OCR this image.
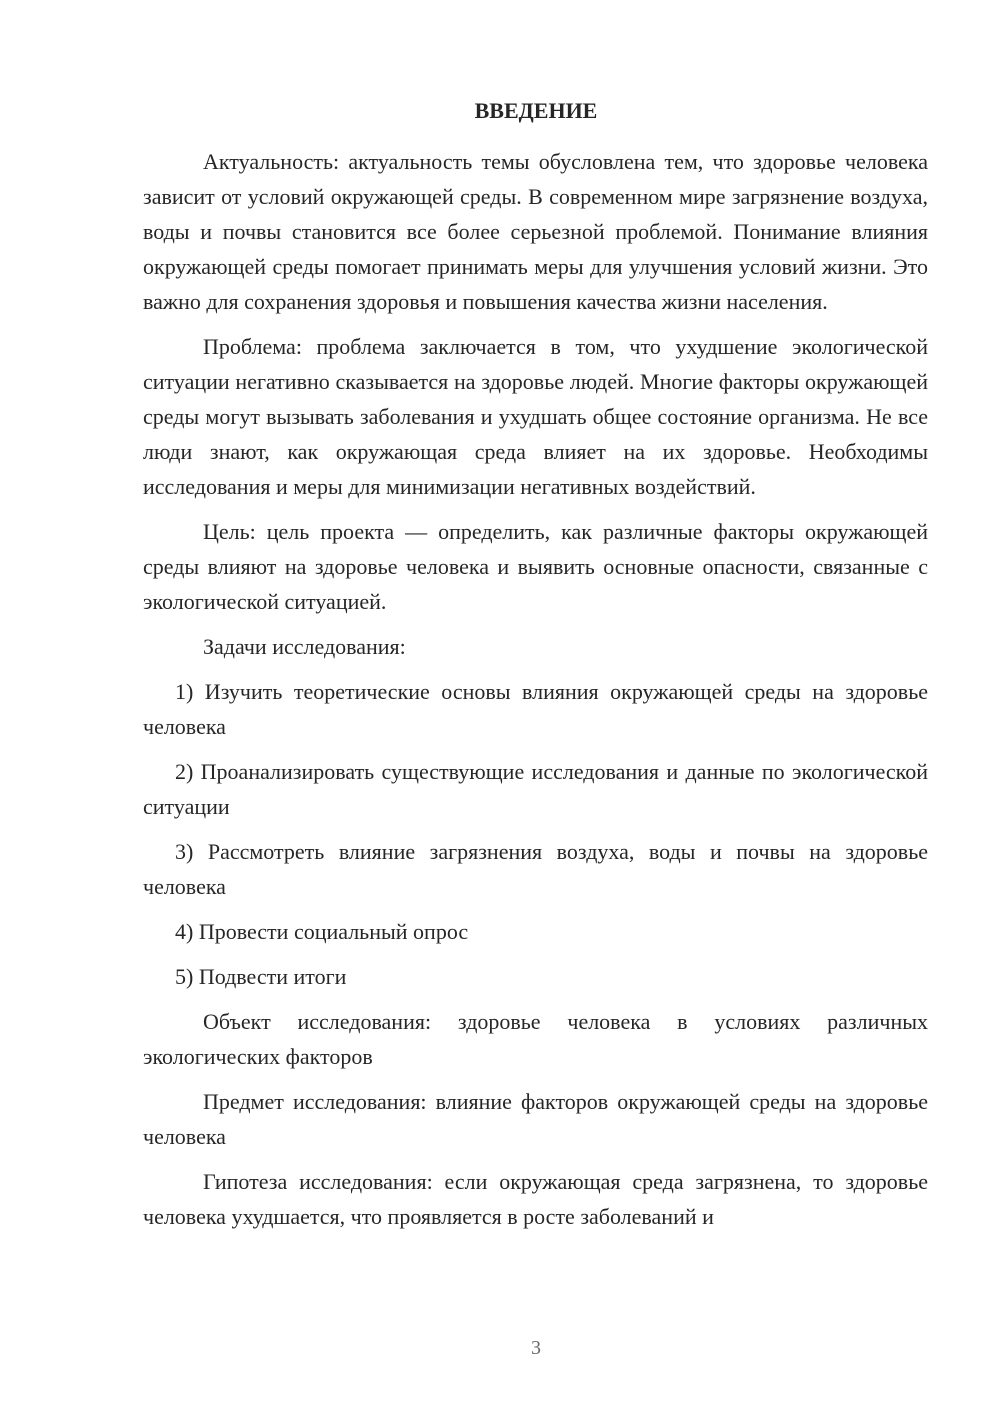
ВВЕДЕНИЕ

Актуальность: актуальность темы обусловлена тем, что здоровье человека зависит от условий окружающей среды. В современном мире загрязнение воздуха, воды и почвы становится все более серьезной проблемой. Понимание влияния окружающей среды помогает принимать меры для улучшения условий жизни. Это важно для сохранения здоровья и повышения качества жизни населения.

Проблема: проблема заключается в том, что ухудшение экологической ситуации негативно сказывается на здоровье людей. Многие факторы окружающей среды могут вызывать заболевания и ухудшать общее состояние организма. Не все люди знают, как окружающая среда влияет на их здоровье. Необходимы исследования и меры для минимизации негативных воздействий.

Цель: цель проекта — определить, как различные факторы окружающей среды влияют на здоровье человека и выявить основные опасности, связанные с экологической ситуацией.

Задачи исследования:

1) Изучить теоретические основы влияния окружающей среды на здоровье человека

2) Проанализировать существующие исследования и данные по экологической ситуации

3) Рассмотреть влияние загрязнения воздуха, воды и почвы на здоровье человека

4) Провести социальный опрос

5) Подвести итоги

Объект исследования: здоровье человека в условиях различных экологических факторов

Предмет исследования: влияние факторов окружающей среды на здоровье человека

Гипотеза исследования: если окружающая среда загрязнена, то здоровье человека ухудшается, что проявляется в росте заболеваний и

3
